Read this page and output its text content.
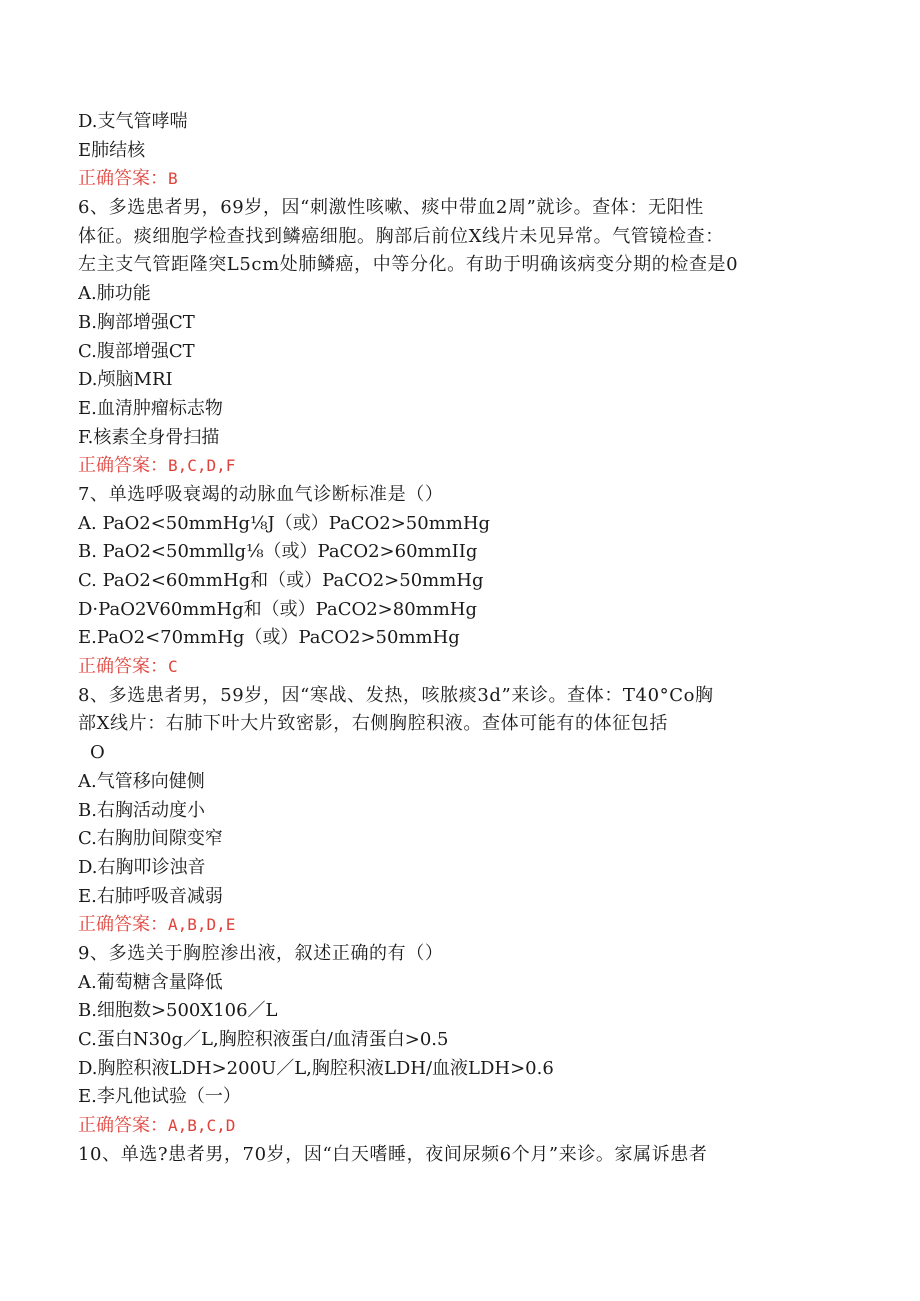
D.支气管哮喘
E肺结核
正确答案：B
6、多选患者男，69岁，因“刺激性咳嗽、痰中带血2周”就诊。查体：无阳性
体征。痰细胞学检查找到鳞癌细胞。胸部后前位X线片未见异常。气管镜检查：
左主支气管距隆突L5cm处肺鳞癌，中等分化。有助于明确该病变分期的检查是0
A.肺功能
B.胸部增强CT
C.腹部增强CT
D.颅脑MRI
E.血清肿瘤标志物
F.核素全身骨扫描
正确答案：B,C,D,F
7、单选呼吸衰竭的动脉血气诊断标准是（）
A. PaO2<50mmHg⅛J（或）PaCO2>50mmHg
B. PaO2<50mmllg⅛（或）PaCO2>60mmIIg
C. PaO2<60mmHg和（或）PaCO2>50mmHg
D·PaO2V60mmHg和（或）PaCO2>80mmHg
E.PaO2<70mmHg（或）PaCO2>50mmHg
正确答案：C
8、多选患者男，59岁，因“寒战、发热，咳脓痰3d”来诊。查体：T40°Co胸
部X线片：右肺下叶大片致密影，右侧胸腔积液。查体可能有的体征包括
O
A.气管移向健侧
B.右胸活动度小
C.右胸肋间隙变窄
D.右胸叩诊浊音
E.右肺呼吸音减弱
正确答案：A,B,D,E
9、多选关于胸腔渗出液，叙述正确的有（）
A.葡萄糖含量降低
B.细胞数>500X106／L
C.蛋白N30g／L,胸腔积液蛋白/血清蛋白>0.5
D.胸腔积液LDH>200U／L,胸腔积液LDH/血液LDH>0.6
E.李凡他试验（一）
正确答案：A,B,C,D
10、单选?患者男，70岁，因“白天嗜睡，夜间尿频6个月”来诊。家属诉患者
